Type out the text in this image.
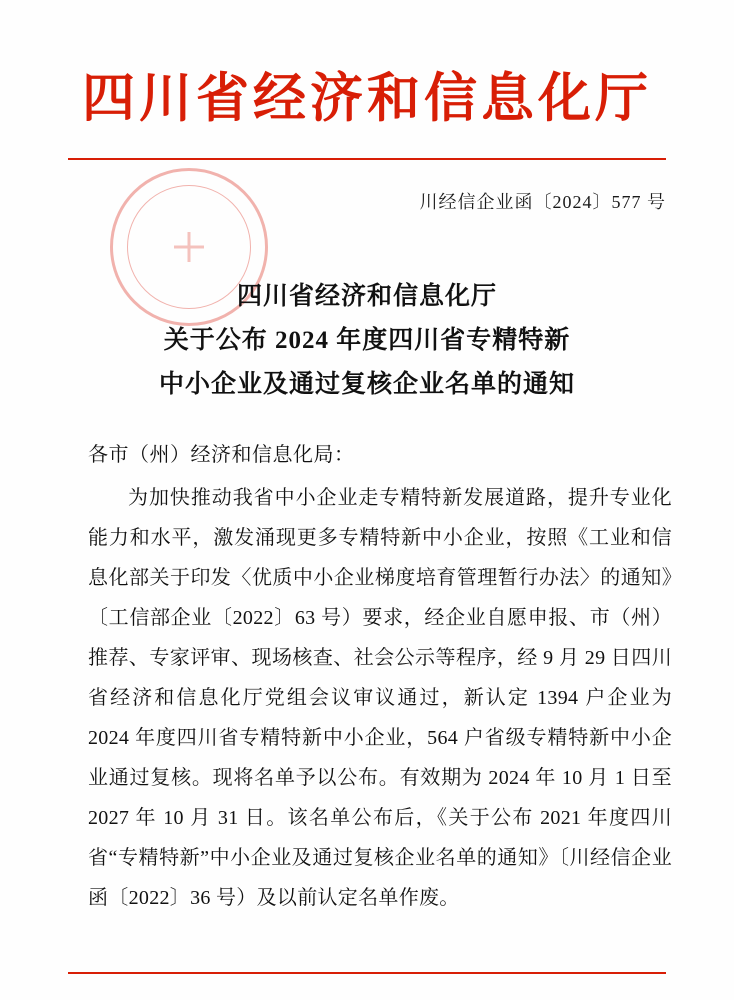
四川省经济和信息化厅
川经信企业函〔2024〕577 号
四川省经济和信息化厅
关于公布 2024 年度四川省专精特新
中小企业及通过复核企业名单的通知
各市（州）经济和信息化局：
为加快推动我省中小企业走专精特新发展道路，提升专业化能力和水平，激发涌现更多专精特新中小企业，按照《工业和信息化部关于印发〈优质中小企业梯度培育管理暂行办法〉的通知》〔工信部企业〔2022〕63 号）要求，经企业自愿申报、市（州）推荐、专家评审、现场核查、社会公示等程序，经 9 月 29 日四川省经济和信息化厅党组会议审议通过，新认定 1394 户企业为 2024 年度四川省专精特新中小企业，564 户省级专精特新中小企业通过复核。现将名单予以公布。有效期为 2024 年 10 月 1 日至 2027 年 10 月 31 日。该名单公布后，《关于公布 2021 年度四川省“专精特新”中小企业及通过复核企业名单的通知》〔川经信企业函〔2022〕36 号）及以前认定名单作废。
